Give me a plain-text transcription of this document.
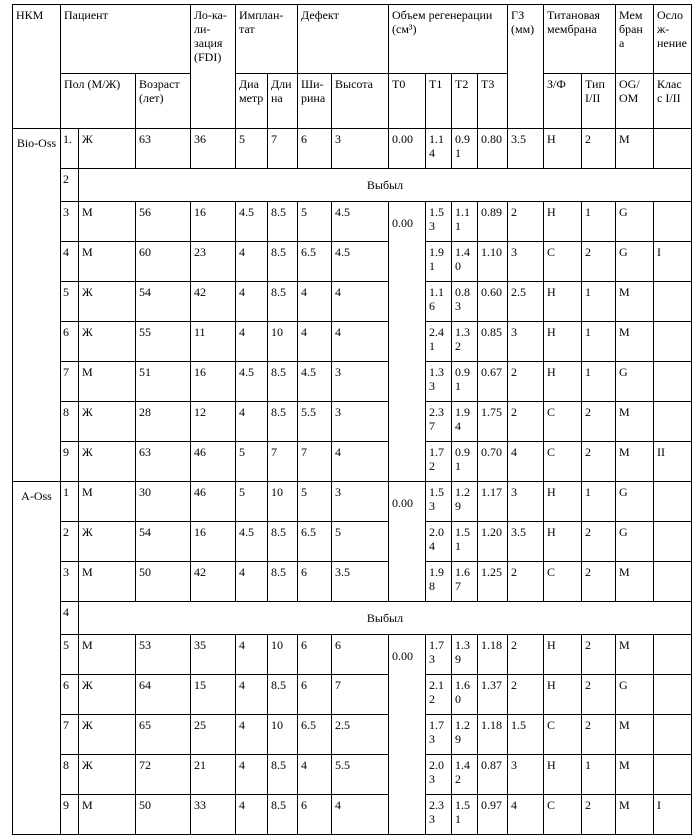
НКМ	Пациент			Ло-ка-ли-зация (FDI)	Имплан-тат		Дефект		Объем регенерации (см³)				ГЗ (мм)	Титановая мембрана		Мем бран а	Осло ж-нение
	Пол (М/Ж)		Возраст (лет)		Диаметр	Длина	Ши-рина	Высота	T0	T1	T2	T3		З/Ф	Тип I/II	OG/ OM	Клас с I/II
Bio-Oss	1.	Ж	63	36	5	7	6	3	0.00	1.14	0.91	0.80	3.5	Н	2	M	
	2	Выбыл															
	3	М	56	16	4.5	8.5	5	4.5	0.00	1.53	1.11	0.89	2	Н	1	G	
	4	М	60	23	4	8.5	6.5	4.5		1.91	1.40	1.10	3	С	2	G	I
	5	Ж	54	42	4	8.5	4	4		1.16	0.83	0.60	2.5	Н	1	M	
	6	Ж	55	11	4	10	4	4		2.41	1.32	0.85	3	Н	1	M	
	7	М	51	16	4.5	8.5	4.5	3		1.33	0.91	0.67	2	Н	1	G	
	8	Ж	28	12	4	8.5	5.5	3		2.37	1.94	1.75	2	С	2	M	
	9	Ж	63	46	5	7	7	4		1.72	0.91	0.70	4	С	2	M	II
A-Oss	1	М	30	46	5	10	5	3	0.00	1.53	1.29	1.17	3	Н	1	G	
	2	Ж	54	16	4.5	8.5	6.5	5		2.04	1.51	1.20	3.5	Н	2	G	
	3	М	50	42	4	8.5	6	3.5		1.98	1.67	1.25	2	С	2	M	
	4	Выбыл															
	5	М	53	35	4	10	6	6	0.00	1.73	1.39	1.18	2	Н	2	M	
	6	Ж	64	15	4	8.5	6	7		2.12	1.60	1.37	2	Н	2	G	
	7	Ж	65	25	4	10	6.5	2.5		1.73	1.29	1.18	1.5	С	2	M	
	8	Ж	72	21	4	8.5	4	5.5		2.03	1.42	0.87	3	Н	1	M	
	9	М	50	33	4	8.5	6	4		2.33	1.51	0.97	4	С	2	M	I
